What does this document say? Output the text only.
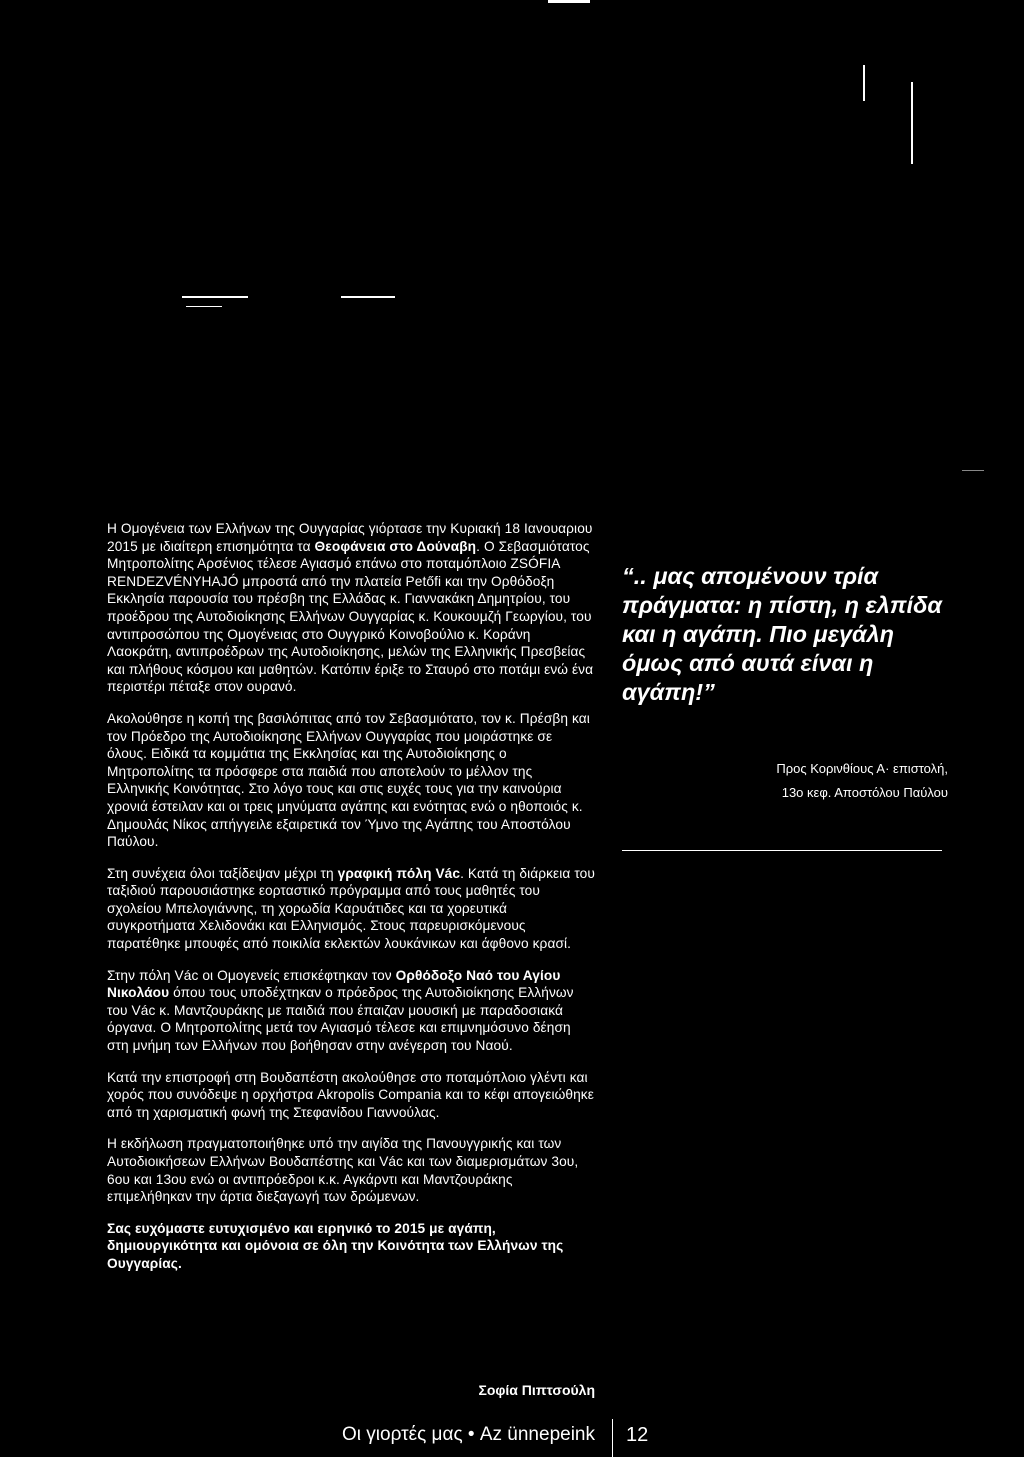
Η Ομογένεια των Ελλήνων της Ουγγαρίας γιόρτασε την Κυριακή 18 Ιανουαριου 2015 με ιδιαίτερη επισημότητα τα Θεοφάνεια στο Δούναβη. Ο Σεβασμιότατος Μητροπολίτης Αρσένιος τέλεσε Αγιασμό επάνω στο ποταμόπλοιο ZSÓFIA RENDEZVÉNYHAJÓ μπροστά από την πλατεία Petőfi και την Ορθόδοξη Εκκλησία παρουσία του πρέσβη της Ελλάδας κ. Γιαννακάκη Δημητρίου, του προέδρου της Αυτοδιοίκησης Ελλήνων Ουγγαρίας κ. Κουκουμζή Γεωργίου, του αντιπροσώπου της Ομογένειας στο Ουγγρικό Κοινοβούλιο κ. Κοράνη Λαοκράτη, αντιπροέδρων της Αυτοδιοίκησης, μελών της Ελληνικής Πρεσβείας και πλήθους κόσμου και μαθητών. Κατόπιν έριξε το Σταυρό στο ποτάμι ενώ ένα περιστέρι πέταξε στον ουρανό.

Ακολούθησε η κοπή της βασιλόπιτας από τον Σεβασμιότατο, τον κ. Πρέσβη και τον Πρόεδρο της Αυτοδιοίκησης Ελλήνων Ουγγαρίας που μοιράστηκε σε όλους. Ειδικά τα κομμάτια της Εκκλησίας και της Αυτοδιοίκησης ο Μητροπολίτης τα πρόσφερε στα παιδιά που αποτελούν το μέλλον της Ελληνικής Κοινότητας. Στο λόγο τους και στις ευχές τους για την καινούρια χρονιά έστειλαν και οι τρεις μηνύματα αγάπης και ενότητας ενώ ο ηθοποιός κ. Δημουλάς Νίκος απήγγειλε εξαιρετικά τον Ύμνο της Αγάπης του Αποστόλου Παύλου.

Στη συνέχεια όλοι ταξίδεψαν μέχρι τη γραφική πόλη Vác. Κατά τη διάρκεια του ταξιδιού παρουσιάστηκε εορταστικό πρόγραμμα από τους μαθητές του σχολείου Μπελογιάννης, τη χορωδία Καρυάτιδες και τα χορευτικά συγκροτήματα Χελιδονάκι και Ελληνισμός. Στους παρευρισκόμενους παρατέθηκε μπουφές από ποικιλία εκλεκτών λουκάνικων και άφθονο κρασί.

Στην πόλη Vác οι Ομογενείς επισκέφτηκαν τον Ορθόδοξο Ναό του Αγίου Νικολάου όπου τους υποδέχτηκαν ο πρόεδρος της Αυτοδιοίκησης Ελλήνων του Vác κ. Μαντζουράκης με παιδιά που έπαιζαν μουσική με παραδοσιακά όργανα. Ο Μητροπολίτης μετά τον Αγιασμό τέλεσε και επιμνημόσυνο δέηση στη μνήμη των Ελλήνων που βοήθησαν στην ανέγερση του Ναού.

Κατά την επιστροφή στη Βουδαπέστη ακολούθησε στο ποταμόπλοιο γλέντι και χορός που συνόδεψε η ορχήστρα Akropolis Compania και το κέφι απογειώθηκε από τη χαρισματική φωνή της Στεφανίδου Γιαννούλας.

Η εκδήλωση πραγματοποιήθηκε υπό την αιγίδα της Πανουγγρικής και των Αυτοδιοικήσεων Ελλήνων Βουδαπέστης και Vác και των διαμερισμάτων 3ου, 6ου και 13ου ενώ οι αντιπρόεδροι κ.κ. Αγκάρντι και Μαντζουράκης επιμελήθηκαν την άρτια διεξαγωγή των δρώμενων.

Σας ευχόμαστε ευτυχισμένο και ειρηνικό το 2015 με αγάπη, δημιουργικότητα και ομόνοια σε όλη την Κοινότητα των Ελλήνων της Ουγγαρίας.

Σοφία Πιπτσούλη
“.. μας απομένουν τρία πράγματα: η πίστη, η ελπίδα και η αγάπη. Πιο μεγάλη όμως από αυτά είναι η αγάπη!”
Προς Κορινθίους Α· επιστολή,
13ο κεφ. Αποστόλου Παύλου
Οι γιορτές μας • Az ünnepeink 12
